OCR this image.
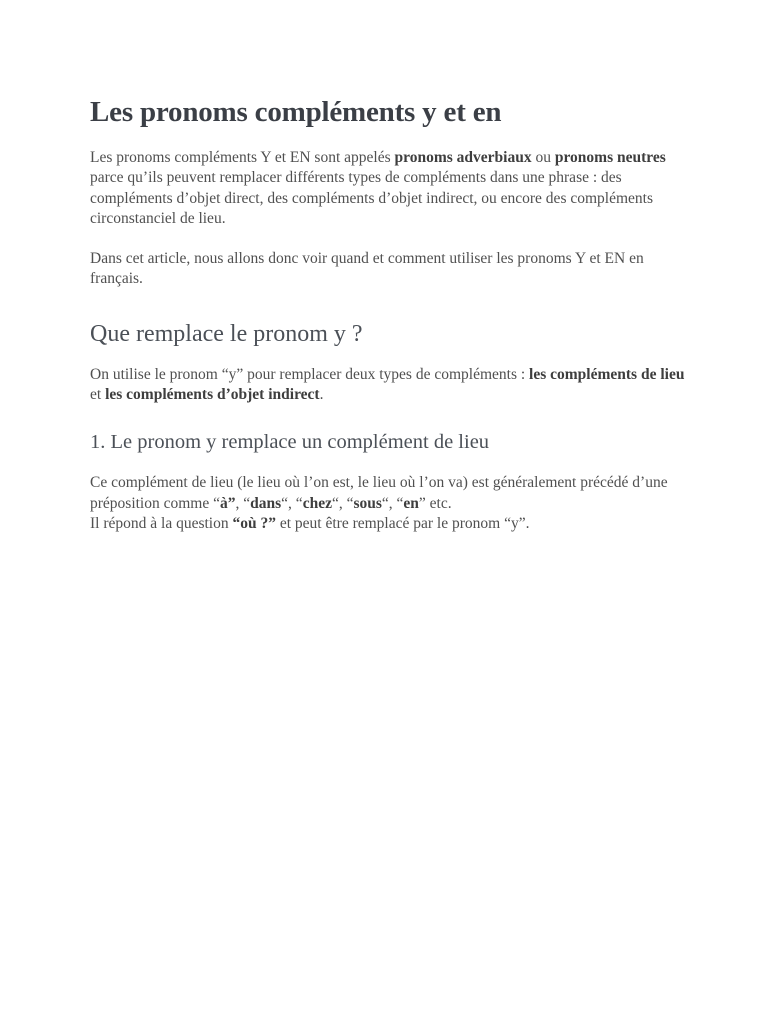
Les pronoms compléments y et en

Les pronoms compléments Y et EN sont appelés pronoms adverbiaux ou pronoms neutres parce qu’ils peuvent remplacer différents types de compléments dans une phrase : des compléments d’objet direct, des compléments d’objet indirect, ou encore des compléments circonstanciel de lieu.

Dans cet article, nous allons donc voir quand et comment utiliser les pronoms Y et EN en français.

Que remplace le pronom y ?

On utilise le pronom “y” pour remplacer deux types de compléments : les compléments de lieu et les compléments d’objet indirect.

1. Le pronom y remplace un complément de lieu

Ce complément de lieu (le lieu où l’on est, le lieu où l’on va) est généralement précédé d’une préposition comme “à”, “dans“, “chez“, “sous“, “en” etc.
Il répond à la question “où ?” et peut être remplacé par le pronom “y”.
